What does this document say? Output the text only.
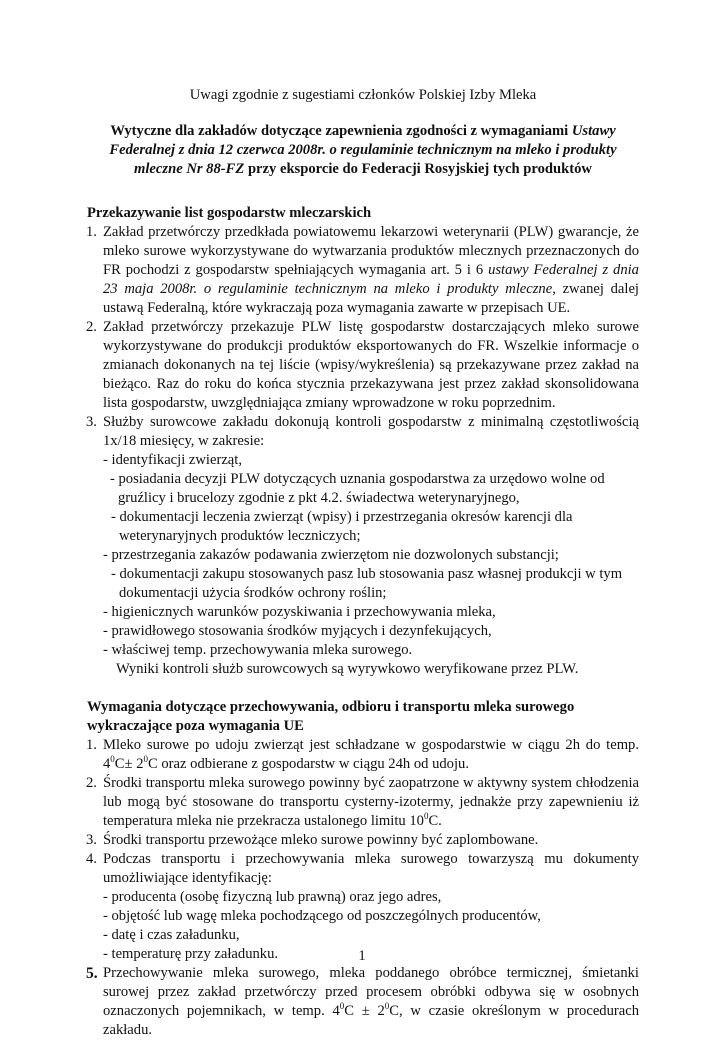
Uwagi zgodnie z sugestiami członków Polskiej Izby Mleka

Wytyczne dla zakładów dotyczące zapewnienia zgodności z wymaganiami Ustawy Federalnej z dnia 12 czerwca 2008r. o regulaminie technicznym na mleko i produkty mleczne Nr 88-FZ przy eksporcie do Federacji Rosyjskiej tych produktów

Przekazywanie list gospodarstw mleczarskich
1. Zakład przetwórczy przedkłada powiatowemu lekarzowi weterynarii (PLW) gwarancje, że mleko surowe wykorzystywane do wytwarzania produktów mlecznych przeznaczonych do FR pochodzi z gospodarstw spełniających wymagania art. 5 i 6 ustawy Federalnej z dnia 23 maja 2008r. o regulaminie technicznym na mleko i produkty mleczne, zwanej dalej ustawą Federalną, które wykraczają poza wymagania zawarte w przepisach UE.
2. Zakład przetwórczy przekazuje PLW listę gospodarstw dostarczających mleko surowe wykorzystywane do produkcji produktów eksportowanych do FR. Wszelkie informacje o zmianach dokonanych na tej liście (wpisy/wykreślenia) są przekazywane przez zakład na bieżąco. Raz do roku do końca stycznia przekazywana jest przez zakład skonsolidowana lista gospodarstw, uwzględniająca zmiany wprowadzone w roku poprzednim.
3. Służby surowcowe zakładu dokonują kontroli gospodarstw z minimalną częstotliwością 1x/18 miesięcy, w zakresie:
- identyfikacji zwierząt,
- posiadania decyzji PLW dotyczących uznania gospodarstwa za urzędowo wolne od gruźlicy i brucelozy zgodnie z pkt 4.2. świadectwa weterynaryjnego,
- dokumentacji leczenia zwierząt (wpisy) i przestrzegania okresów karencji dla weterynaryjnych produktów leczniczych;
- przestrzegania zakazów podawania zwierzętom nie dozwolonych substancji;
- dokumentacji zakupu stosowanych pasz lub stosowania pasz własnej produkcji w tym dokumentacji użycia środków ochrony roślin;
- higienicznych warunków pozyskiwania i przechowywania mleka,
- prawidłowego stosowania środków myjących i dezynfekujących,
- właściwej temp. przechowywania mleka surowego.
Wyniki kontroli służb surowcowych są wyrywkowo weryfikowane przez PLW.
Wymagania dotyczące przechowywania, odbioru i transportu mleka surowego wykraczające poza wymagania UE
1. Mleko surowe po udoju zwierząt jest schładzane w gospodarstwie w ciągu 2h do temp. $4^0C\pm 2^0C$ oraz odbierane z gospodarstw w ciągu 24h od udoju.
2. Środki transportu mleka surowego powinny być zaopatrzone w aktywny system chłodzenia lub mogą być stosowane do transportu cysterny-izotermy, jednakże przy zapewnieniu iż temperatura mleka nie przekracza ustalonego limitu $10^0C$.
3. Środki transportu przewożące mleko surowe powinny być zaplombowane.
4. Podczas transportu i przechowywania mleka surowego towarzyszą mu dokumenty umożliwiające identyfikację:
- producenta (osobę fizyczną lub prawną) oraz jego adres,
- objętość lub wagę mleka pochodzącego od poszczególnych producentów,
- datę i czas załadunku,
- temperaturę przy załadunku.
5. Przechowywanie mleka surowego, mleka poddanego obróbce termicznej, śmietanki surowej przez zakład przetwórczy przed procesem obróbki odbywa się w osobnych oznaczonych pojemnikach, w temp. $4^0C \pm 2^0C$, w czasie określonym w procedurach zakładu.
1
